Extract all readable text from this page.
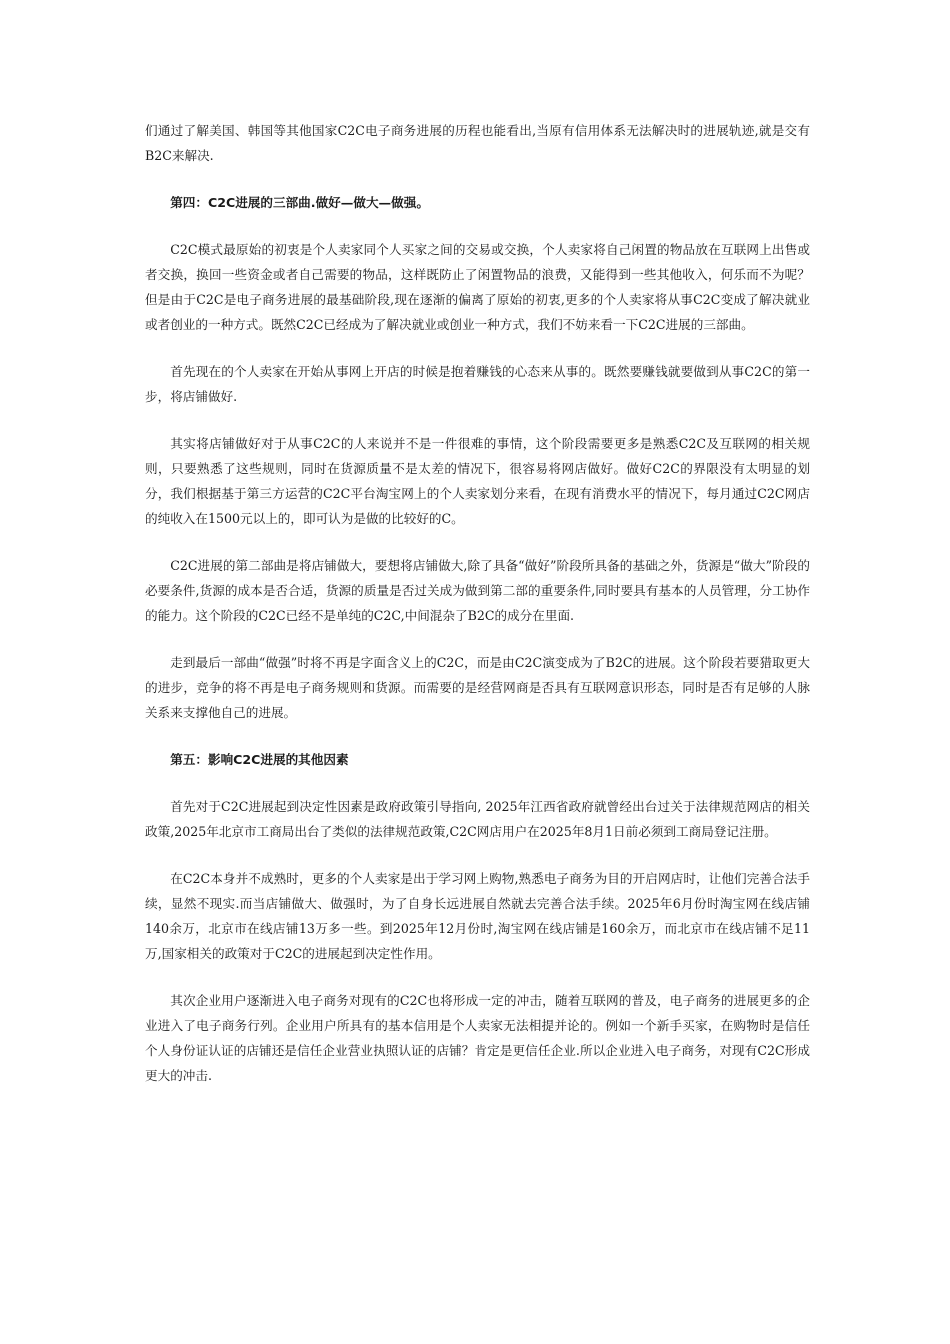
们通过了解美国、韩国等其他国家C2C电子商务进展的历程也能看出,当原有信用体系无法解决时的进展轨迹,就是交有B2C来解决.

第四：C2C进展的三部曲.做好—做大—做强。

C2C模式最原始的初衷是个人卖家同个人买家之间的交易或交换，个人卖家将自己闲置的物品放在互联网上出售或者交换，换回一些资金或者自己需要的物品，这样既防止了闲置物品的浪费，又能得到一些其他收入，何乐而不为呢？但是由于C2C是电子商务进展的最基础阶段,现在逐渐的偏离了原始的初衷,更多的个人卖家将从事C2C变成了解决就业或者创业的一种方式。既然C2C已经成为了解决就业或创业一种方式，我们不妨来看一下C2C进展的三部曲。

首先现在的个人卖家在开始从事网上开店的时候是抱着赚钱的心态来从事的。既然要赚钱就要做到从事C2C的第一步，将店铺做好.

其实将店铺做好对于从事C2C的人来说并不是一件很难的事情，这个阶段需要更多是熟悉C2C及互联网的相关规则，只要熟悉了这些规则，同时在货源质量不是太差的情况下，很容易将网店做好。做好C2C的界限没有太明显的划分，我们根据基于第三方运营的C2C平台淘宝网上的个人卖家划分来看，在现有消费水平的情况下，每月通过C2C网店的纯收入在1500元以上的，即可认为是做的比较好的C。

C2C进展的第二部曲是将店铺做大，要想将店铺做大,除了具备“做好”阶段所具备的基础之外，货源是“做大”阶段的必要条件,货源的成本是否合适，货源的质量是否过关成为做到第二部的重要条件,同时要具有基本的人员管理，分工协作的能力。这个阶段的C2C已经不是单纯的C2C,中间混杂了B2C的成分在里面.

走到最后一部曲“做强”时将不再是字面含义上的C2C，而是由C2C演变成为了B2C的进展。这个阶段若要猎取更大的进步，竞争的将不再是电子商务规则和货源。而需要的是经营网商是否具有互联网意识形态，同时是否有足够的人脉关系来支撑他自己的进展。

第五：影响C2C进展的其他因素

首先对于C2C进展起到决定性因素是政府政策引导指向, 2025年江西省政府就曾经出台过关于法律规范网店的相关政策,2025年北京市工商局出台了类似的法律规范政策,C2C网店用户在2025年8月1日前必须到工商局登记注册。

在C2C本身并不成熟时，更多的个人卖家是出于学习网上购物,熟悉电子商务为目的开启网店时，让他们完善合法手续，显然不现实.而当店铺做大、做强时，为了自身长远进展自然就去完善合法手续。2025年6月份时淘宝网在线店铺140余万，北京市在线店铺13万多一些。到2025年12月份时,淘宝网在线店铺是160余万，而北京市在线店铺不足11万,国家相关的政策对于C2C的进展起到决定性作用。

其次企业用户逐渐进入电子商务对现有的C2C也将形成一定的冲击，随着互联网的普及，电子商务的进展更多的企业进入了电子商务行列。企业用户所具有的基本信用是个人卖家无法相提并论的。例如一个新手买家，在购物时是信任个人身份证认证的店铺还是信任企业营业执照认证的店铺？肯定是更信任企业.所以企业进入电子商务，对现有C2C形成更大的冲击.
